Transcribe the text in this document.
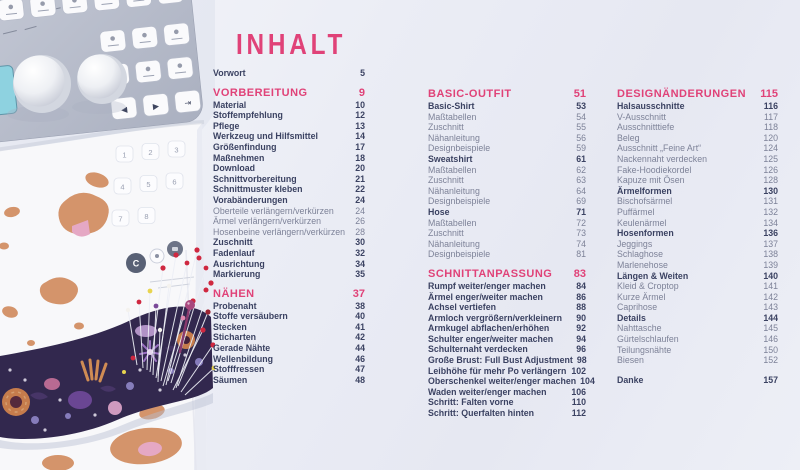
◀	▶	⇥
1	2	3
4	5	6
7	8
C
INHALT
Vorwort	5
VORBEREITUNG	9
Material	10
Stoffempfehlung	12
Pflege	13
Werkzeug und Hilfsmittel	14
Größenfindung	17
Maßnehmen	18
Download	20
Schnittvorbereitung	21
Schnittmuster kleben	22
Vorabänderungen	24
Oberteile verlängern/verkürzen 24
Ärmel verlängern/verkürzen	26
Hosenbeine verlängern/verkürzen 28
Zuschnitt	30
Fadenlauf	32
Ausrichtung	34
Markierung	35
NÄHEN	37
Probenaht	38
Stoffe versäubern	40
Stecken	41
Sticharten	42
Gerade Nähte	44
Wellenbildung	46
Stofffressen	47
Säumen	48
BASIC-OUTFIT	51
Basic-Shirt	53
Maßtabellen	54
Zuschnitt	55
Nähanleitung	56
Designbeispiele	59
Sweatshirt	61
Maßtabellen	62
Zuschnitt	63
Nähanleitung	64
Designbeispiele	69
Hose	71
Maßtabellen	72
Zuschnitt	73
Nähanleitung	74
Designbeispiele	81
SCHNITTANPASSUNG 83
Rumpf weiter/enger machen	84
Ärmel enger/weiter machen	86
Achsel vertiefen	88
Armloch vergrößern/verkleinern 90
Armkugel abflachen/erhöhen	92
Schulter enger/weiter machen	94
Schulternaht verdecken	96
Große Brust: Full Bust Adjustment 98
Leibhöhe für mehr Po verlängern 102
Oberschenkel weiter/enger machen 104
Waden weiter/enger machen	106
Schritt: Falten vorne	110
Schritt: Querfalten hinten	112
DESIGNÄNDERUNGEN 115
Halsausschnitte	116
V-Ausschnitt	117
Ausschnitttiefe	118
Beleg	120
Ausschnitt „Feine Art“	124
Nackennaht verdecken	125
Fake-Hoodiekordel	126
Kapuze mit Ösen	128
Ärmelformen	130
Bischofsärmel	131
Puffärmel	132
Keulenärmel	134
Hosenformen	136
Jeggings	137
Schlaghose	138
Marlenehose	139
Längen & Weiten	140
Kleid & Croptop	141
Kurze Ärmel	142
Caprihose	143
Details	144
Nahttasche	145
Gürtelschlaufen	146
Teilungsnähte	150
Biesen	152
Danke	157
